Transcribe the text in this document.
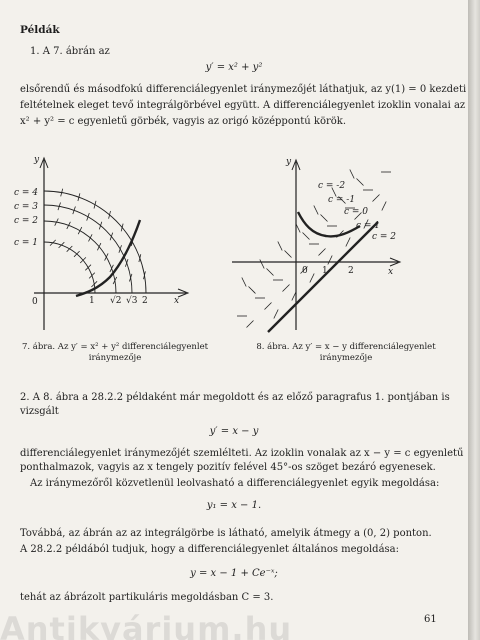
Példák
1. A 7. ábrán az
y′ = x² + y²
elsőrendű és másodfokú differenciálegyenlet iránymezőjét láthatjuk, az y(1) = 0 kezdeti
feltételnek eleget tevő integrálgörbével együtt. A differenciálegyenlet izoklin vonalai az
x² + y² = c egyenletű görbék, vagyis az origó középpontú körök.
y
x
0
c = 4
c = 3
c = 2
c = 1
1 √2 √3 2
7. ábra. Az y′ = x² + y² differenciálegyenlet
iránymezője
y
x
0
c = -2
c = -1
c = 0
c = 1
c = 2
1 2
8. ábra. Az y′ = x − y differenciálegyenlet
iránymezője
2. A 8. ábra a 28.2.2 példaként már megoldott és az előző paragrafus 1. pontjában is
vizsgált
y′ = x − y
differenciálegyenlet iránymezőjét szemlélteti. Az izoklin vonalak az x − y = c egyenletű
ponthalmazok, vagyis az x tengely pozitív felével 45°-os szöget bezáró egyenesek.
Az iránymezőről közvetlenül leolvasható a differenciálegyenlet egyik megoldása:
y₁ = x − 1.
Továbbá, az ábrán az az integrálgörbe is látható, amelyik átmegy a (0, 2) ponton.
A 28.2.2 példából tudjuk, hogy a differenciálegyenlet általános megoldása:
y = x − 1 + Ce⁻ˣ;
tehát az ábrázolt partikuláris megoldásban C = 3.
61
Antikvárium.hu
